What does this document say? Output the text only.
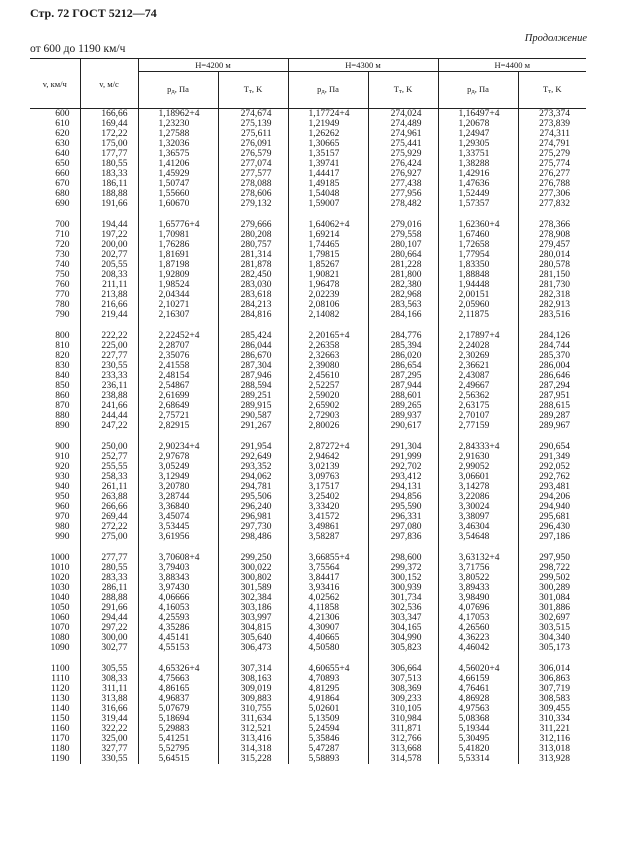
Стр. 72 ГОСТ 5212—74
Продолжение
от 600 до 1190 км/ч
v, км/ч	v, м/с	H=4200 м		H=4300 м		H=4400 м	
		pд, Па	Tт, K	pд, Па	Tт, K	pд, Па	Tт, K
600	166,66	1,18962+4	274,674	1,17724+4	274,024	1,16497+4	273,374
610	169,44	1,23230	275,139	1,21949	274,489	1,20678	273,839
620	172,22	1,27588	275,611	1,26262	274,961	1,24947	274,311
630	175,00	1,32036	276,091	1,30665	275,441	1,29305	274,791
640	177,77	1,36575	276,579	1,35157	275,929	1,33751	275,279
650	180,55	1,41206	277,074	1,39741	276,424	1,38288	275,774
660	183,33	1,45929	277,577	1,44417	276,927	1,42916	276,277
670	186,11	1,50747	278,088	1,49185	277,438	1,47636	276,788
680	188,88	1,55660	278,606	1,54048	277,956	1,52449	277,306
690	191,66	1,60670	279,132	1,59007	278,482	1,57357	277,832

700	194,44	1,65776+4	279,666	1,64062+4	279,016	1,62360+4	278,366
710	197,22	1,70981	280,208	1,69214	279,558	1,67460	278,908
720	200,00	1,76286	280,757	1,74465	280,107	1,72658	279,457
730	202,77	1,81691	281,314	1,79815	280,664	1,77954	280,014
740	205,55	1,87198	281,878	1,85267	281,228	1,83350	280,578
750	208,33	1,92809	282,450	1,90821	281,800	1,88848	281,150
760	211,11	1,98524	283,030	1,96478	282,380	1,94448	281,730
770	213,88	2,04344	283,618	2,02239	282,968	2,00151	282,318
780	216,66	2,10271	284,213	2,08106	283,563	2,05960	282,913
790	219,44	2,16307	284,816	2,14082	284,166	2,11875	283,516

800	222,22	2,22452+4	285,424	2,20165+4	284,776	2,17897+4	284,126
810	225,00	2,28707	286,044	2,26358	285,394	2,24028	284,744
820	227,77	2,35076	286,670	2,32663	286,020	2,30269	285,370
830	230,55	2,41558	287,304	2,39080	286,654	2,36621	286,004
840	233,33	2,48154	287,946	2,45610	287,295	2,43087	286,646
850	236,11	2,54867	288,594	2,52257	287,944	2,49667	287,294
860	238,88	2,61699	289,251	2,59020	288,601	2,56362	287,951
870	241,66	2,68649	289,915	2,65902	289,265	2,63175	288,615
880	244,44	2,75721	290,587	2,72903	289,937	2,70107	289,287
890	247,22	2,82915	291,267	2,80026	290,617	2,77159	289,967

900	250,00	2,90234+4	291,954	2,87272+4	291,304	2,84333+4	290,654
910	252,77	2,97678	292,649	2,94642	291,999	2,91630	291,349
920	255,55	3,05249	293,352	3,02139	292,702	2,99052	292,052
930	258,33	3,12949	294,062	3,09763	293,412	3,06601	292,762
940	261,11	3,20780	294,781	3,17517	294,131	3,14278	293,481
950	263,88	3,28744	295,506	3,25402	294,856	3,22086	294,206
960	266,66	3,36840	296,240	3,33420	295,590	3,30024	294,940
970	269,44	3,45074	296,981	3,41572	296,331	3,38097	295,681
980	272,22	3,53445	297,730	3,49861	297,080	3,46304	296,430
990	275,00	3,61956	298,486	3,58287	297,836	3,54648	297,186

1000	277,77	3,70608+4	299,250	3,66855+4	298,600	3,63132+4	297,950
1010	280,55	3,79403	300,022	3,75564	299,372	3,71756	298,722
1020	283,33	3,88343	300,802	3,84417	300,152	3,80522	299,502
1030	286,11	3,97430	301,589	3,93416	300,939	3,89433	300,289
1040	288,88	4,06666	302,384	4,02562	301,734	3,98490	301,084
1050	291,66	4,16053	303,186	4,11858	302,536	4,07696	301,886
1060	294,44	4,25593	303,997	4,21306	303,347	4,17053	302,697
1070	297,22	4,35286	304,815	4,30907	304,165	4,26560	303,515
1080	300,00	4,45141	305,640	4,40665	304,990	4,36223	304,340
1090	302,77	4,55153	306,473	4,50580	305,823	4,46042	305,173

1100	305,55	4,65326+4	307,314	4,60655+4	306,664	4,56020+4	306,014
1110	308,33	4,75663	308,163	4,70893	307,513	4,66159	306,863
1120	311,11	4,86165	309,019	4,81295	308,369	4,76461	307,719
1130	313,88	4,96837	309,883	4,91864	309,233	4,86928	308,583
1140	316,66	5,07679	310,755	5,02601	310,105	4,97563	309,455
1150	319,44	5,18694	311,634	5,13509	310,984	5,08368	310,334
1160	322,22	5,29883	312,521	5,24594	311,871	5,19344	311,221
1170	325,00	5,41251	313,416	5,35846	312,766	5,30495	312,116
1180	327,77	5,52795	314,318	5,47287	313,668	5,41820	313,018
1190	330,55	5,64515	315,228	5,58893	314,578	5,53314	313,928
